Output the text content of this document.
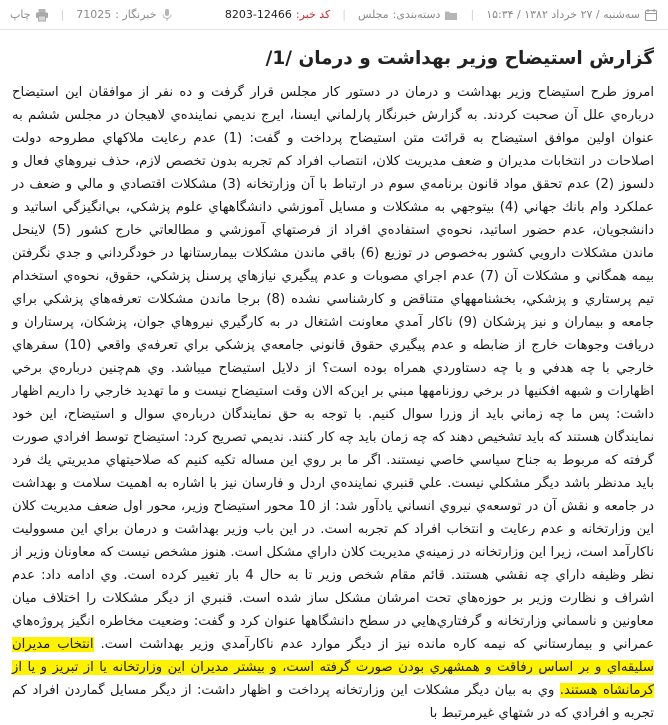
سه‌شنبه / ۲۷ خرداد ۱۳۸۲ / ۱۵:۳۴
|
دسته‌بندی:
مجلس
|
کد خبر:
8203-12466
خبرنگار :
71025
|
چاپ
گزارش استيضاح وزير بهداشت و درمان /1/

امروز طرح استيضاح وزير بهداشت و درمان در دستور كار مجلس قرار گرفت و ده نفر از موافقان اين استيضاح درباره‌ي علل آن صحبت كردند. به گزارش خبرنگار پارلماني ايسنا، ايرج نديمي نماينده‌ي لاهيجان در مجلس ششم به عنوان اولين موافق استيضاح به قرائت متن استيضاح پرداخت و گفت: (1) عدم رعايت ملاكهاي مطروحه دولت اصلاحات در انتخابات مديران و ضعف مديريت كلان، انتصاب افراد كم تجربه بدون تخصص لازم، حذف نيروهاي فعال و دلسوز (2) عدم تحقق مواد قانون برنامه‌ي سوم در ارتباط با آن وزارتخانه (3) مشكلات اقتصادي و مالي و ضعف در عملكرد وام بانك جهاني (4) بيتوجهي به مشكلات و مسايل آموزشي دانشگاههاي علوم پزشكي، بي‌انگيزگي اساتيد و دانشجويان، عدم حضور اساتيد، نحوه‌ي استفاده‌ي افراد از فرصتهاي آموزشي و مطالعاتي خارج كشور (5) لاينحل ماندن مشكلات دارويي كشور به‌خصوص در توزيع (6) باقي ماندن مشكلات بيمارستانها در خودگرداني و جدي نگرفتن بيمه همگاني و مشكلات آن (7) عدم اجراي مصوبات و عدم پيگيري نيازهاي پرسنل پزشكي، حقوق، نحوه‌ي استخدام تيم پرستاري و پزشكي، بخشنامههاي متناقض و كارشناسي نشده (8) برجا ماندن مشكلات تعرفه‌هاي پزشكي براي جامعه و بيماران و نيز پزشكان (9) ناكار آمدي معاونت اشتغال در به كارگيري نيروهاي جوان، پزشكان، پرستاران و دريافت وجوهات خارج از ضابطه و عدم پيگيري حقوق قانوني جامعه‌ي پزشكي براي تعرفه‌ي واقعي (10) سفرهاي خارجي با چه هدفي و با چه دستاوردي همراه بوده است؟ از دلايل استيضاح ميباشد. وي هم‌چنين درباره‌ي برخي اظهارات و شبهه افكنيها در برخي روزنامهها مبني بر اين‌كه الان وقت استيضاح نيست و ما تهديد خارجي را داريم اظهار داشت: پس ما چه زماني بايد از وزرا سوال كنيم. با توجه به حق نمايندگان درباره‌ي سوال و استيضاح، اين خود نمايندگان هستند كه بايد تشخيص دهند كه چه زمان بايد چه كار كنند. نديمي تصريح كرد: استيضاح توسط افرادي صورت گرفته كه مربوط به جناح سياسي خاصي نيستند. اگر ما بر روي اين مساله تكيه كنيم كه صلاحيتهاي مديريتي يك فرد بايد مدنظر باشد ديگر مشكلي نيست. علي قنبري نماينده‌ي اردل و فارسان نيز با اشاره به اهميت سلامت و بهداشت در جامعه و نقش آن در توسعه‌ي نيروي انساني يادآور شد: از 10 محور استيضاح وزير، محور اول ضعف مديريت كلان اين وزارتخانه و عدم رعايت و انتخاب افراد كم تجربه است. در اين باب وزير بهداشت و درمان براي اين مسووليت ناكارآمد است، زيرا اين وزارتخانه در زمينه‌ي مديريت كلان داراي مشكل است. هنوز مشخص نيست كه معاونان وزير از نظر وظيفه داراي چه نقشي هستند. قائم مقام شخص وزير تا به حال 4 بار تغيير كرده است. وي ادامه داد: عدم اشراف و نظارت وزير بر حوزه‌هاي تحت امرشان مشكل ساز شده است. قنبري از ديگر مشكلات را اختلاف ميان معاونين و ناسماني وزارتخانه و گرفتاري‌هايي در سطح دانشگاهها عنوان كرد و گفت: وضعيت مخاطره انگيز پروژه‌هاي عمراني و بيمارستاني كه نيمه كاره مانده نيز از ديگر موارد عدم ناكارآمدي وزير بهداشت است. انتخاب مديران سليقه‌اي و بر اساس رفاقت و همشهري بودن صورت گرفته است، و بيشتر مديران اين وزارتخانه يا از تبريز و يا از كرمانشاه هستند. وي به بيان ديگر مشكلات اين وزارتخانه پرداخت و اظهار داشت: از ديگر مسايل گماردن افراد كم تجربه و افرادي كه در شتهاي غيرمرتبط با
